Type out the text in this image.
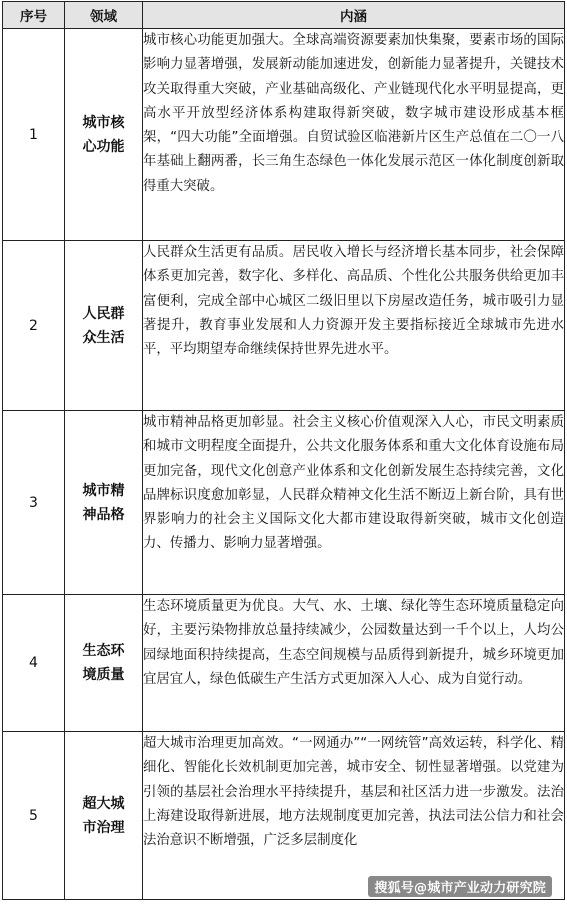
序号	领域	内涵
1	城市核心功能	城市核心功能更加强大。全球高端资源要素加快集聚，要素市场的国际影响力显著增强，发展新动能加速进发，创新能力显著提升，关键技术攻关取得重大突破，产业基础高级化、产业链现代化水平明显提高，更高水平开放型经济体系构建取得新突破，数字城市建设形成基本框架，“四大功能”全面增强。自贸试验区临港新片区生产总值在二〇一八年基础上翻两番，长三角生态绿色一体化发展示范区一体化制度创新取得重大突破。
2	人民群众生活	人民群众生活更有品质。居民收入增长与经济增长基本同步，社会保障体系更加完善，数字化、多样化、高品质、个性化公共服务供给更加丰富便利，完成全部中心城区二级旧里以下房屋改造任务，城市吸引力显著提升，教育事业发展和人力资源开发主要指标接近全球城市先进水平，平均期望寿命继续保持世界先进水平。
3	城市精神品格	城市精神品格更加彰显。社会主义核心价值观深入人心，市民文明素质和城市文明程度全面提升，公共文化服务体系和重大文化体育设施布局更加完备，现代文化创意产业体系和文化创新发展生态持续完善，文化品牌标识度愈加彰显，人民群众精神文化生活不断迈上新台阶，具有世界影响力的社会主义国际文化大都市建设取得新突破，城市文化创造力、传播力、影响力显著增强。
4	生态环境质量	生态环境质量更为优良。大气、水、土壤、绿化等生态环境质量稳定向好，主要污染物排放总量持续减少，公园数量达到一千个以上，人均公园绿地面积持续提高，生态空间规模与品质得到新提升，城乡环境更加宜居宜人，绿色低碳生产生活方式更加深入人心、成为自觉行动。
5	超大城市治理	超大城市治理更加高效。“一网通办”“一网统管”高效运转，科学化、精细化、智能化长效机制更加完善，城市安全、韧性显著增强。以党建为引领的基层社会治理水平持续提升，基层和社区活力进一步激发。法治上海建设取得新进展，地方法规制度更加完善，执法司法公信力和社会法治意识不断增强，广泛多层制度化
搜狐号@城市产业动力研究院
